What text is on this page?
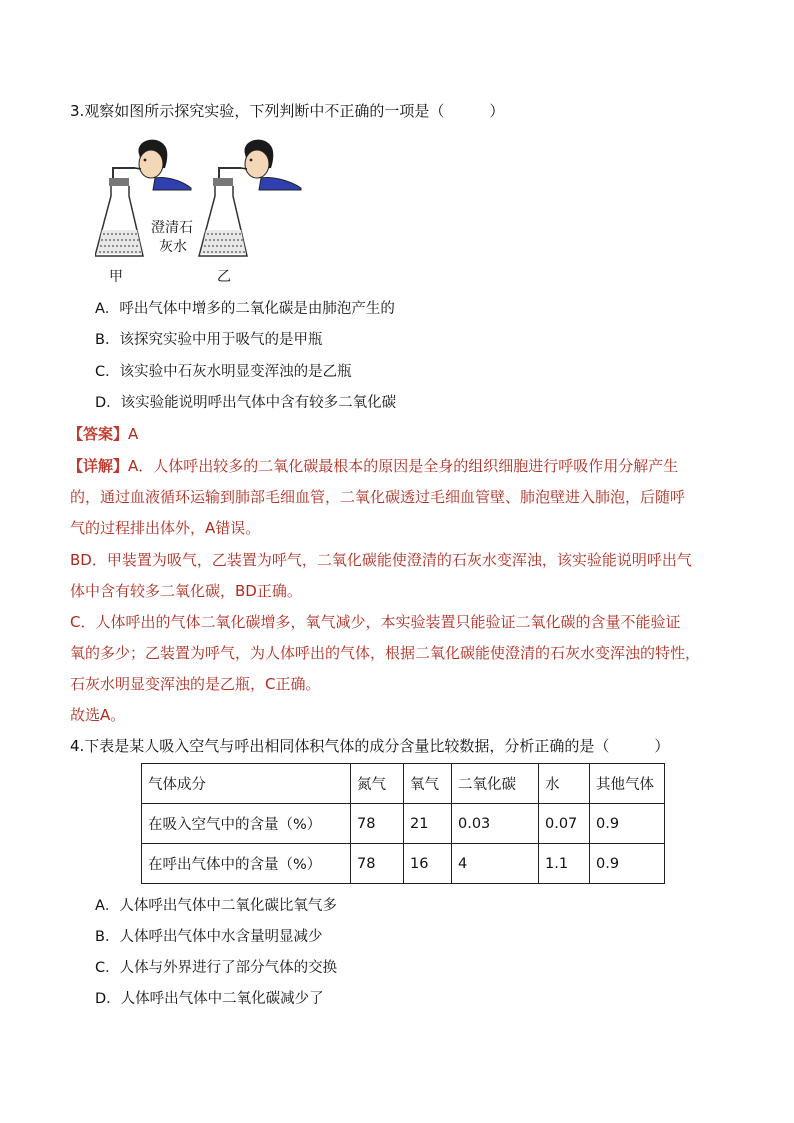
3.观察如图所示探究实验，下列判断中不正确的一项是（　　　）
澄清石
灰水
甲	乙
A．呼出气体中增多的二氧化碳是由肺泡产生的
B．该探究实验中用于吸气的是甲瓶
C．该实验中石灰水明显变浑浊的是乙瓶
D．该实验能说明呼出气体中含有较多二氧化碳
【答案】A
【详解】A．人体呼出较多的二氧化碳最根本的原因是全身的组织细胞进行呼吸作用分解产生
的，通过血液循环运输到肺部毛细血管，二氧化碳透过毛细血管壁、肺泡壁进入肺泡，后随呼
气的过程排出体外，A错误。
BD．甲装置为吸气，乙装置为呼气，二氧化碳能使澄清的石灰水变浑浊，该实验能说明呼出气
体中含有较多二氧化碳，BD正确。
C．人体呼出的气体二氧化碳增多，氧气减少，本实验装置只能验证二氧化碳的含量不能验证
氧的多少；乙装置为呼气，为人体呼出的气体，根据二氧化碳能使澄清的石灰水变浑浊的特性，
石灰水明显变浑浊的是乙瓶，C正确。
故选A。
4.下表是某人吸入空气与呼出相同体积气体的成分含量比较数据，分析正确的是（　　　）
气体成分	氮气	氧气	二氧化碳	水	其他气体
在吸入空气中的含量（%）	78	21	0.03	0.07	0.9
在呼出气体中的含量（%）	78	16	4	1.1	0.9
A．人体呼出气体中二氧化碳比氧气多
B．人体呼出气体中水含量明显减少
C．人体与外界进行了部分气体的交换
D．人体呼出气体中二氧化碳减少了
